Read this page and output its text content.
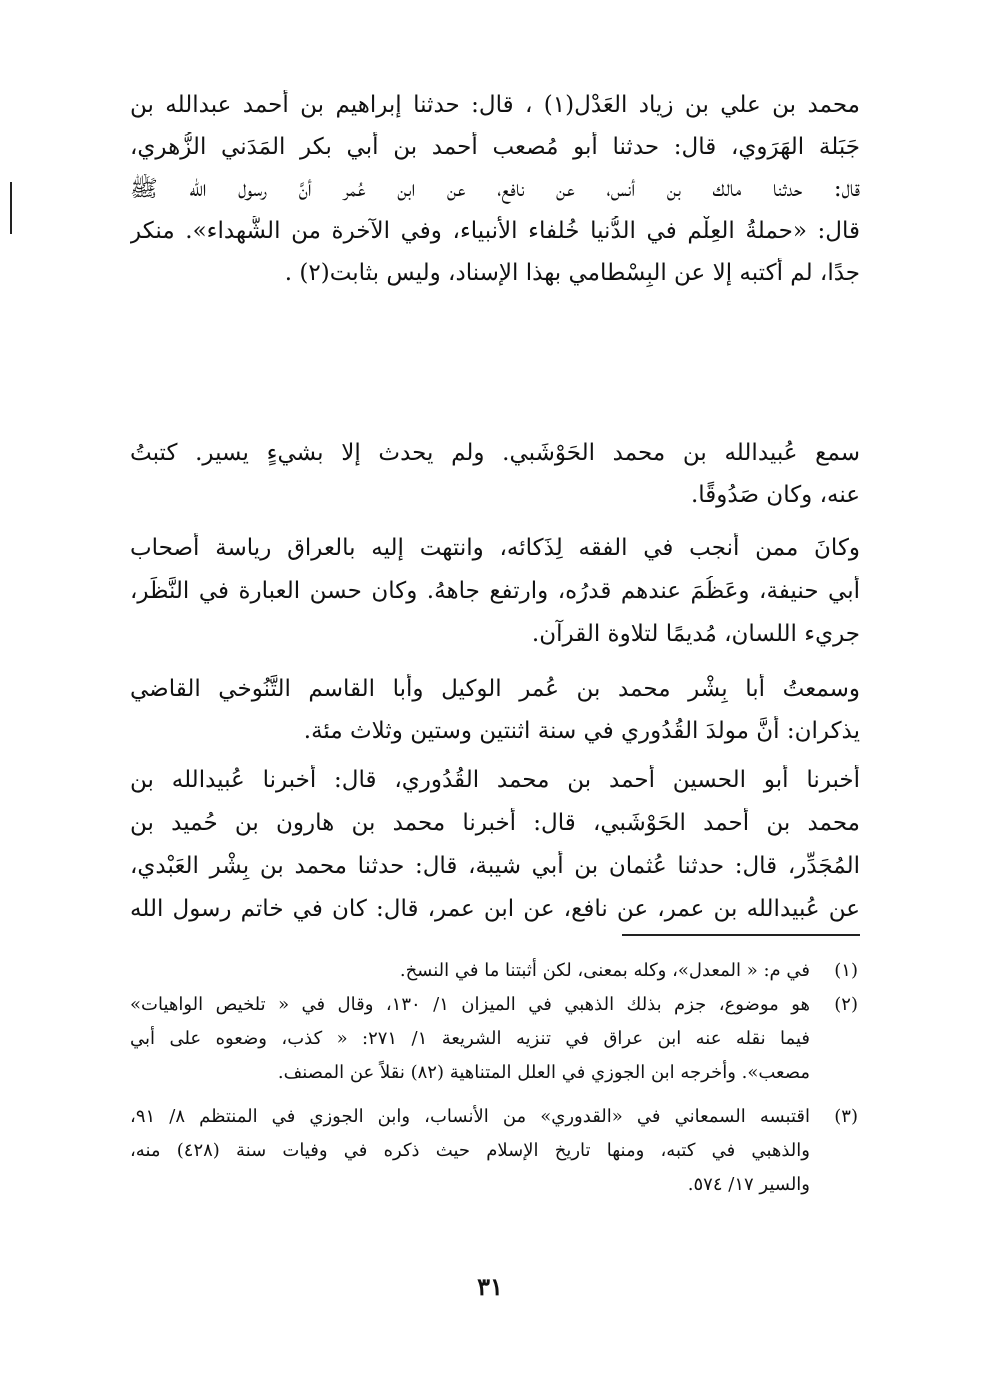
محمد بن علي بن زياد العَدْل(١) ، قال: حدثنا إبراهيم بن أحمد عبدالله بن
جَبَلة الهَرَوي، قال: حدثنا أبو مُصعب أحمد بن أبي بكر المَدَني الزُّهري،
قال: حدثنا مالك بن أنس، عن نافع، عن ابن عُمر أنَّ رسول الله ﷺ
قال: «حملةُ العِلْم في الدُّنيا خُلفاء الأنبياء، وفي الآخرة من الشُّهداء». منكر
جدًا، لم أكتبه إلا عن البِسْطامي بهذا الإسناد، وليس بثابت(٢) .
سمع عُبيدالله بن محمد الحَوْشَبي. ولم يحدث إلا بشيءٍ يسير. كتبتُ
عنه، وكان صَدُوقًا.
وكانَ ممن أنجب في الفقه لِذَكائه، وانتهت إليه بالعراق رياسة أصحاب
أبي حنيفة، وعَظُمَ عندهم قدرُه، وارتفع جاههُ. وكان حسن العبارة في النَّظَر،
جريء اللسان، مُديمًا لتلاوة القرآن.
وسمعتُ أبا بِشْر محمد بن عُمر الوكيل وأبا القاسم التَّنُوخي القاضي
يذكران: أنَّ مولدَ القُدُوري في سنة اثنتين وستين وثلاث مئة.
أخبرنا أبو الحسين أحمد بن محمد القُدُوري، قال: أخبرنا عُبيدالله بن
محمد بن أحمد الحَوْشَبي، قال: أخبرنا محمد بن هارون بن حُميد بن
المُجَدِّر، قال: حدثنا عُثمان بن أبي شيبة، قال: حدثنا محمد بن بِشْر العَبْدي،
عن عُبيدالله بن عمر، عن نافع، عن ابن عمر، قال: كان في خاتم رسول الله
(١)
في م: « المعدل»، وكله بمعنى، لكن أثبتنا ما في النسخ.
(٢)
هو موضوع، جزم بذلك الذهبي في الميزان ١/ ١٣٠، وقال في « تلخيص الواهيات»
فيما نقله عنه ابن عراق في تنزيه الشريعة ١/ ٢٧١: « كذب، وضعوه على أبي
مصعب». وأخرجه ابن الجوزي في العلل المتناهية (٨٢) نقلاً عن المصنف.
(٣)
اقتبسه السمعاني في «القدوري» من الأنساب، وابن الجوزي في المنتظم ٨/ ٩١،
والذهبي في كتبه، ومنها تاريخ الإسلام حيث ذكره في وفيات سنة (٤٢٨) منه،
والسير ١٧/ ٥٧٤.
٣١
